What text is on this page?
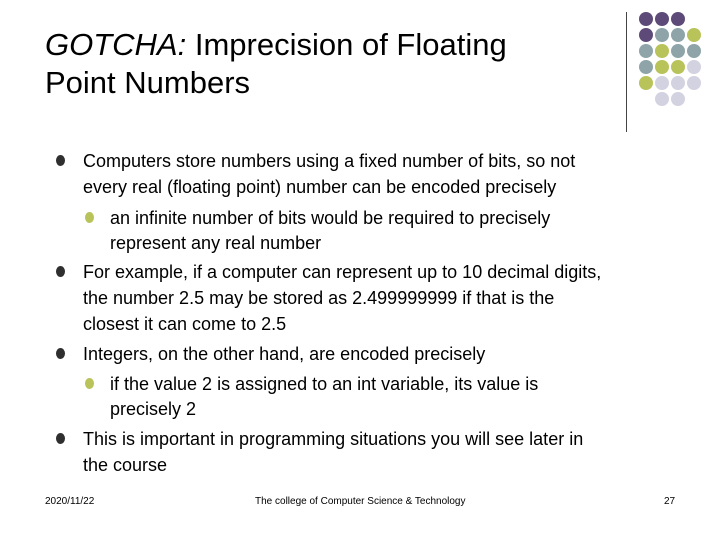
GOTCHA: Imprecision of Floating
Point Numbers
Computers store numbers using a fixed number of bits, so not
every real (floating point) number can be encoded precisely
an infinite number of bits would be required to precisely
represent any real number
For example, if a computer can represent up to 10 decimal digits,
the number 2.5 may be stored as 2.499999999 if that is the
closest it can come to 2.5
Integers, on the other hand, are encoded precisely
if the value 2 is assigned to an int variable, its value is
precisely 2
This is important in programming situations you will see later in
the course
2020/11/22	The college of Computer Science & Technology	27
